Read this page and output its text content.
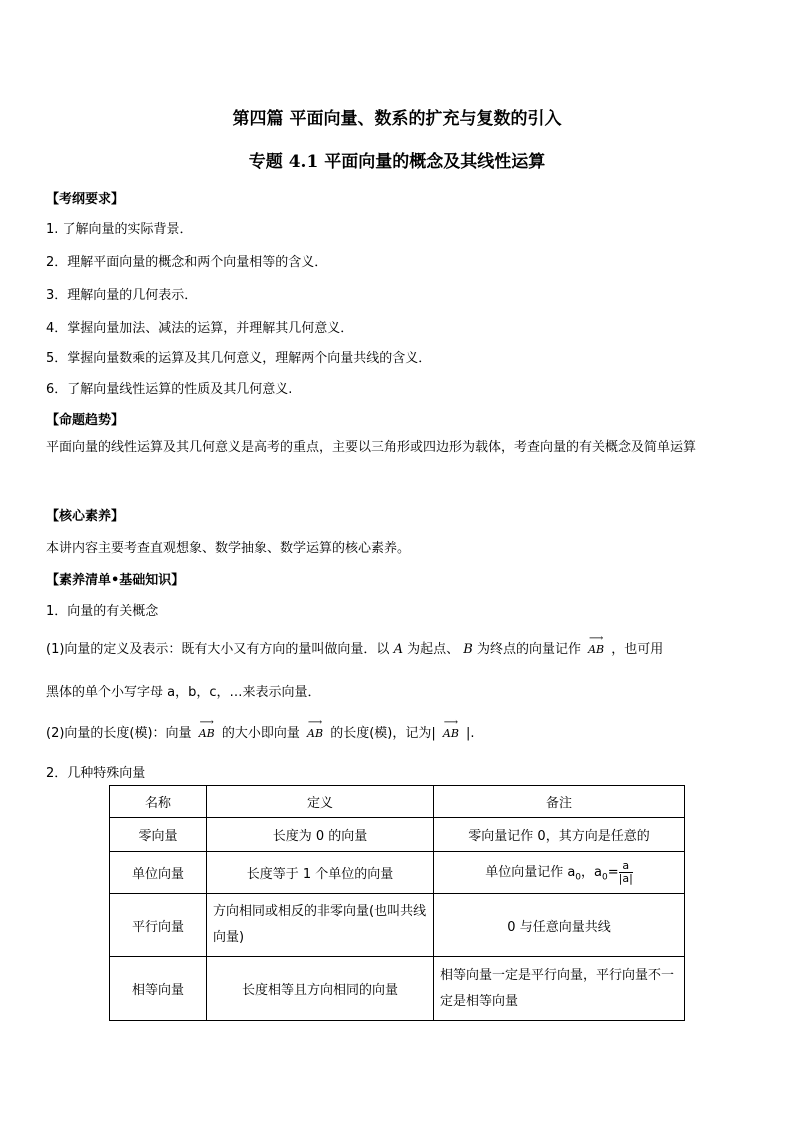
第四篇 平面向量、数系的扩充与复数的引入
专题 4.1 平面向量的概念及其线性运算
【考纲要求】
1. 了解向量的实际背景．
2．理解平面向量的概念和两个向量相等的含义．
3．理解向量的几何表示．
4．掌握向量加法、减法的运算，并理解其几何意义．
5．掌握向量数乘的运算及其几何意义，理解两个向量共线的含义．
6．了解向量线性运算的性质及其几何意义.
【命题趋势】
平面向量的线性运算及其几何意义是高考的重点，主要以三角形或四边形为载体，考查向量的有关概念及简单运算
【核心素养】
本讲内容主要考查直观想象、数学抽象、数学运算的核心素养。
【素养清单•基础知识】
1．向量的有关概念
(1)向量的定义及表示：既有大小又有方向的量叫做向量．以 A 为起点、 B 为终点的向量记作
⟶
AB ，也可用
黑体的单个小写字母 a，b，c，…来表示向量．
(2)向量的长度(模)：向量
⟶
AB 的大小即向量
⟶
AB 的长度(模)，记为|
⟶
AB |.
2．几种特殊向量
名称	定义	备注
零向量	长度为 0 的向量	零向量记作 0，其方向是任意的
单位向量	长度等于 1 个单位的向量	单位向量记作 $a_0$，$a_0= \frac{a}{|a|}$

平行向量	方向相同或相反的非零向量(也叫共线向量)	0 与任意向量共线
相等向量	长度相等且方向相同的向量	相等向量一定是平行向量，平行向量不一定是相等向量
